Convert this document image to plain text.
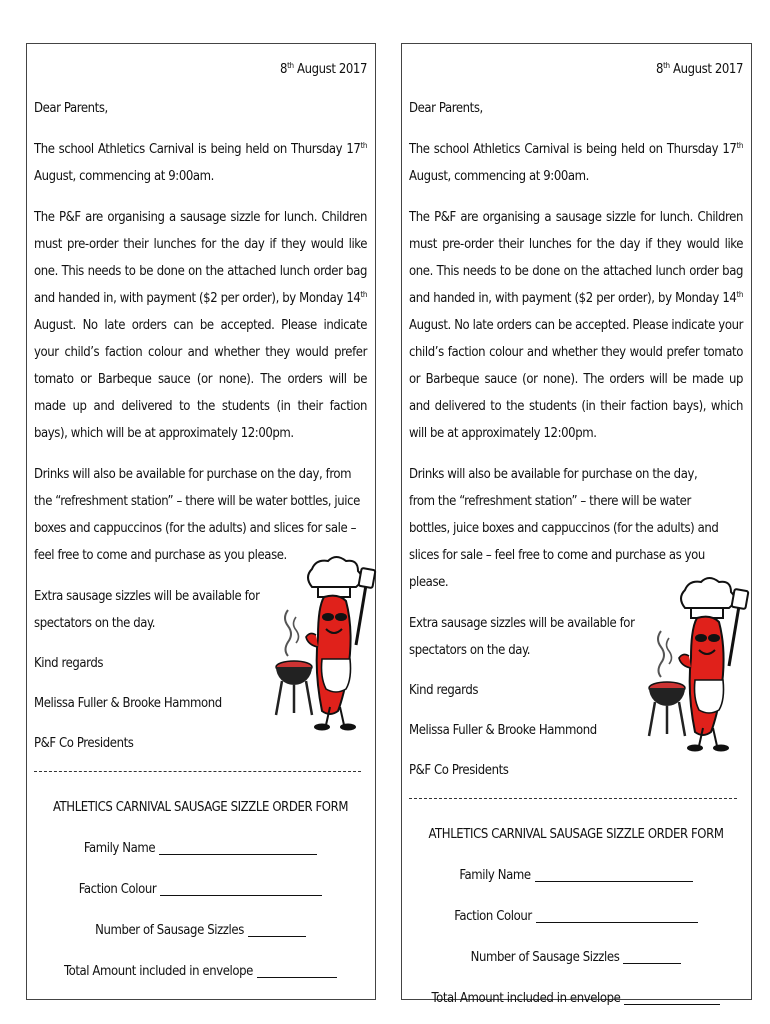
8th August 2017

Dear Parents,

The school Athletics Carnival is being held on Thursday 17th August, commencing at 9:00am.

The P&F are organising a sausage sizzle for lunch. Children must pre-order their lunches for the day if they would like one. This needs to be done on the attached lunch order bag and handed in, with payment ($2 per order), by Monday 14th August. No late orders can be accepted. Please indicate your child’s faction colour and whether they would prefer tomato or Barbeque sauce (or none). The orders will be made up and delivered to the students (in their faction bays), which will be at approximately 12:00pm.

Drinks will also be available for purchase on the day, from the “refreshment station” – there will be water bottles, juice boxes and cappuccinos (for the adults) and slices for sale – feel free to come and purchase as you please.

Extra sausage sizzles will be available for spectators on the day.

Kind regards

Melissa Fuller & Brooke Hammond

P&F Co Presidents

ATHLETICS CARNIVAL SAUSAGE SIZZLE ORDER FORM
Family Name
Faction Colour
Number of Sausage Sizzles
Total Amount included in envelope
8th August 2017

Dear Parents,

The school Athletics Carnival is being held on Thursday 17th August, commencing at 9:00am.

The P&F are organising a sausage sizzle for lunch. Children must pre-order their lunches for the day if they would like one. This needs to be done on the attached lunch order bag and handed in, with payment ($2 per order), by Monday 14th August. No late orders can be accepted. Please indicate your child’s faction colour and whether they would prefer tomato or Barbeque sauce (or none). The orders will be made up and delivered to the students (in their faction bays), which will be at approximately 12:00pm.

Drinks will also be available for purchase on the day, from the “refreshment station” – there will be water bottles, juice boxes and cappuccinos (for the adults) and slices for sale – feel free to come and purchase as you please.

Extra sausage sizzles will be available for spectators on the day.

Kind regards

Melissa Fuller & Brooke Hammond

P&F Co Presidents

ATHLETICS CARNIVAL SAUSAGE SIZZLE ORDER FORM
Family Name
Faction Colour
Number of Sausage Sizzles
Total Amount included in envelope
